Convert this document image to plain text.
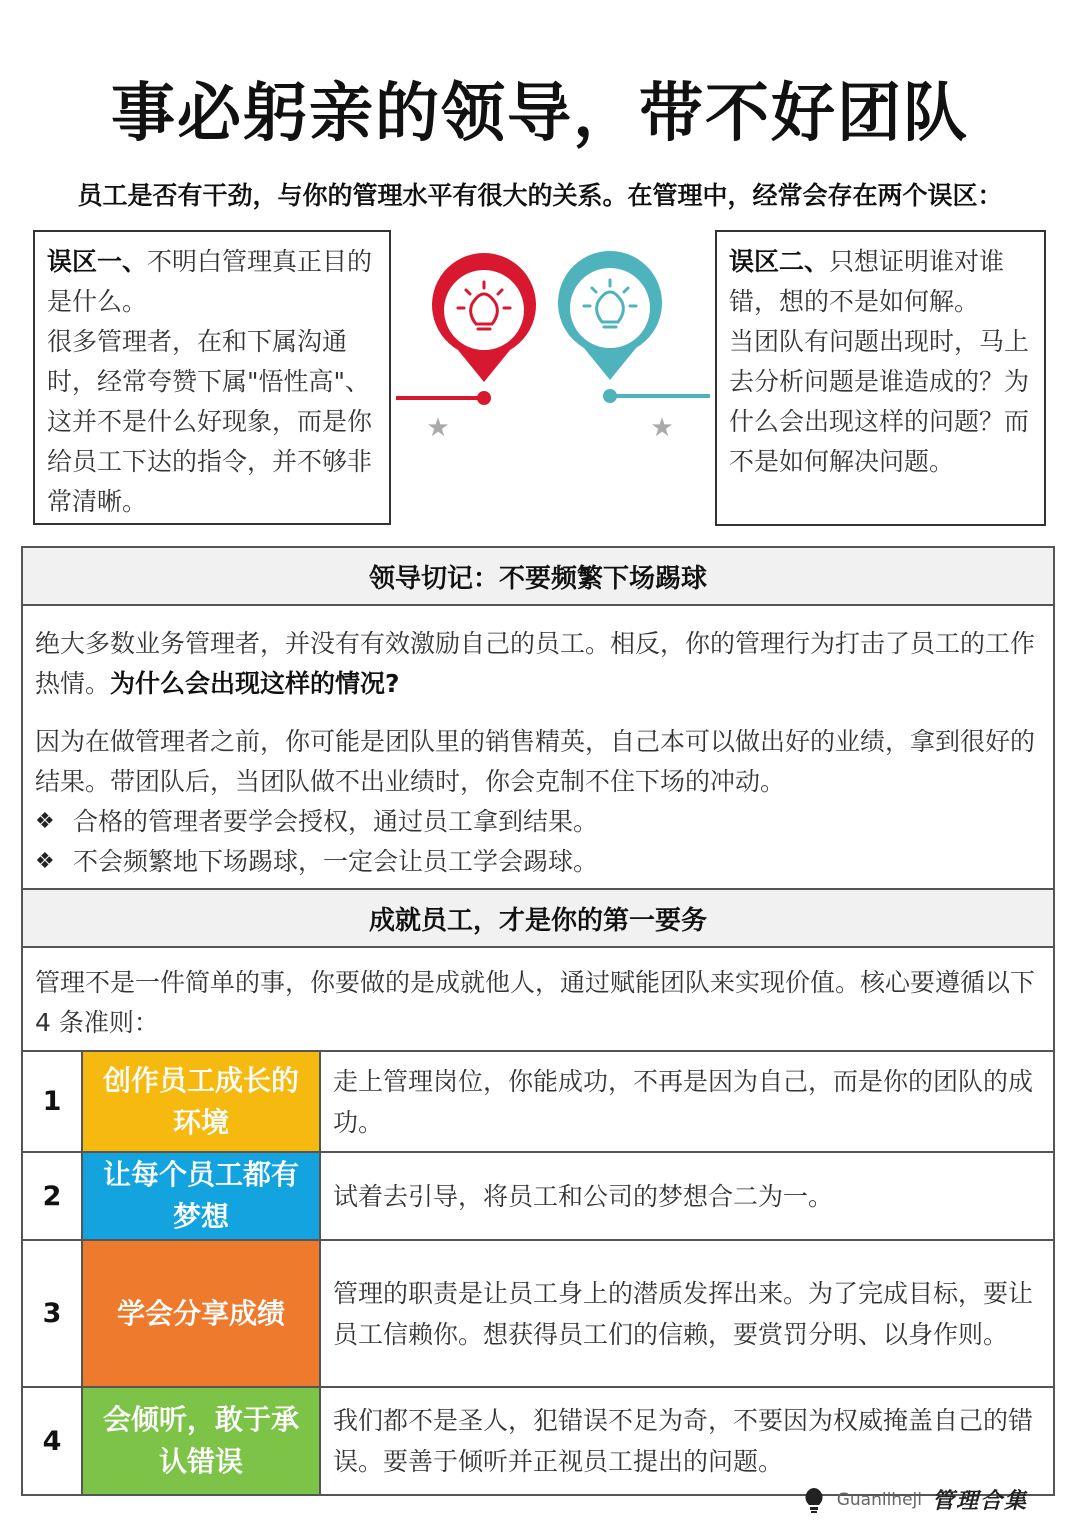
事必躬亲的领导，带不好团队
员工是否有干劲，与你的管理水平有很大的关系。在管理中，经常会存在两个误区：
误区一、不明白管理真正目的是什么。
很多管理者，在和下属沟通时，经常夸赞下属"悟性高"、这并不是什么好现象，而是你给员工下达的指令，并不够非常清晰。
误区二、只想证明谁对谁错，想的不是如何解。
当团队有问题出现时，马上去分析问题是谁造成的？为什么会出现这样的问题？而不是如何解决问题。
★	★
领导切记：不要频繁下场踢球
绝大多数业务管理者，并没有有效激励自己的员工。相反，你的管理行为打击了员工的工作热情。为什么会出现这样的情况?
因为在做管理者之前，你可能是团队里的销售精英，自己本可以做出好的业绩，拿到很好的结果。带团队后，当团队做不出业绩时，你会克制不住下场的冲动。
❖ 合格的管理者要学会授权，通过员工拿到结果。
❖ 不会频繁地下场踢球，一定会让员工学会踢球。
成就员工，才是你的第一要务
管理不是一件简单的事，你要做的是成就他人，通过赋能团队来实现价值。核心要遵循以下 4 条准则：
1
创作员工成长的环境
走上管理岗位，你能成功，不再是因为自己，而是你的团队的成功。
2
让每个员工都有梦想
试着去引导，将员工和公司的梦想合二为一。
3	学会分享成绩
管理的职责是让员工身上的潜质发挥出来。为了完成目标，要让员工信赖你。想获得员工们的信赖，要赏罚分明、以身作则。
4
会倾听，敢于承认错误
我们都不是圣人，犯错误不足为奇，不要因为权威掩盖自己的错误。要善于倾听并正视员工提出的问题。
Guanliheji 管理合集
